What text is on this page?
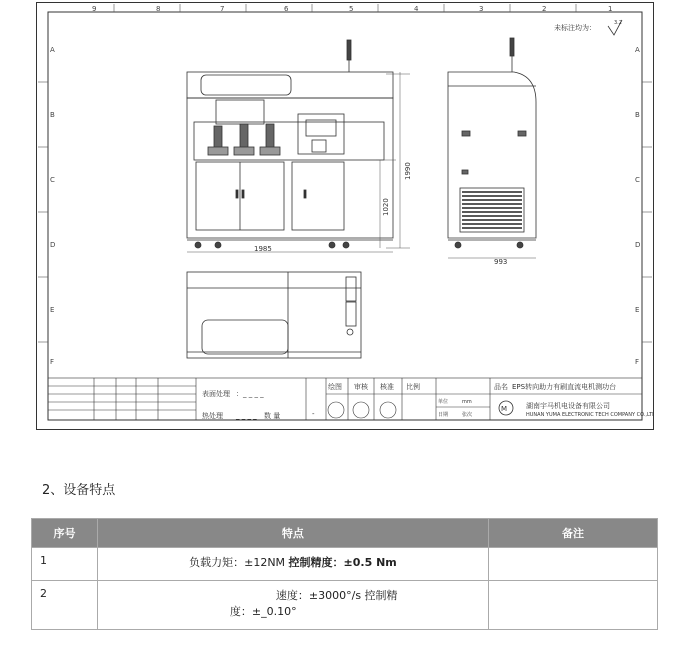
9	8	7	6	5	4	3	2	1
A
B
C
D
E
F
A
B
C
D
E
F
未标注均为：
3.2
1985
1990
1020
993
表面处理 ：_ _ _ _
热处理 _ _ _ _ 数 量	-
绘图 审核 核准 比例	品名 EPS转向助力有刷直流电机测功台
单位	mm
日期	张次
湖南宇马机电设备有限公司
HUNAN YUMA ELECTRONIC TECH COMPANY CO.,LTD
M
2、设备特点
序号	特点	备注
1	负载力矩：±12NM 控制精度：±0.5 Nm	
2	速度：±3000°/s 控制精
度：±_0.10°	
